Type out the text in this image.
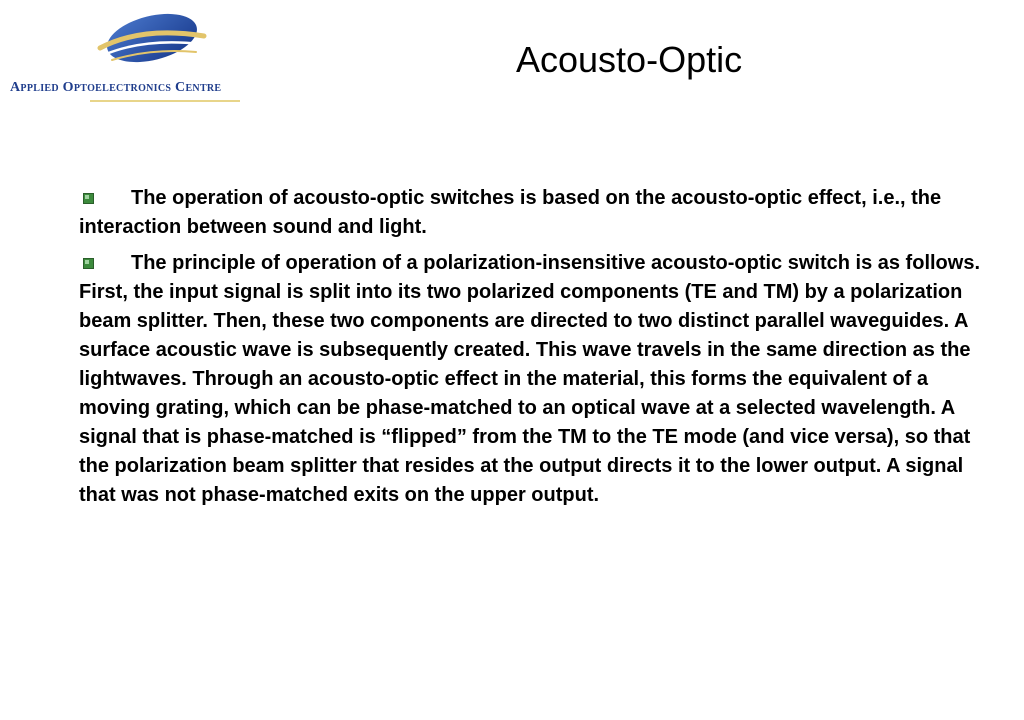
Applied Optoelectronics Centre
Acousto-Optic

The operation of acousto-optic switches is based on the acousto-optic effect, i.e., the interaction between sound and light.

The principle of operation of a polarization-insensitive acousto-optic switch is as follows. First, the input signal is split into its two polarized components (TE and TM) by a polarization beam splitter. Then, these two components are directed to two distinct parallel waveguides. A surface acoustic wave is subsequently created. This wave travels in the same direction as the lightwaves. Through an acousto-optic effect in the material, this forms the equivalent of a moving grating, which can be phase-matched to an optical wave at a selected wavelength. A signal that is phase-matched is “flipped” from the TM to the TE mode (and vice versa), so that the polarization beam splitter that resides at the output directs it to the lower output. A signal that was not phase-matched exits on the upper output.
